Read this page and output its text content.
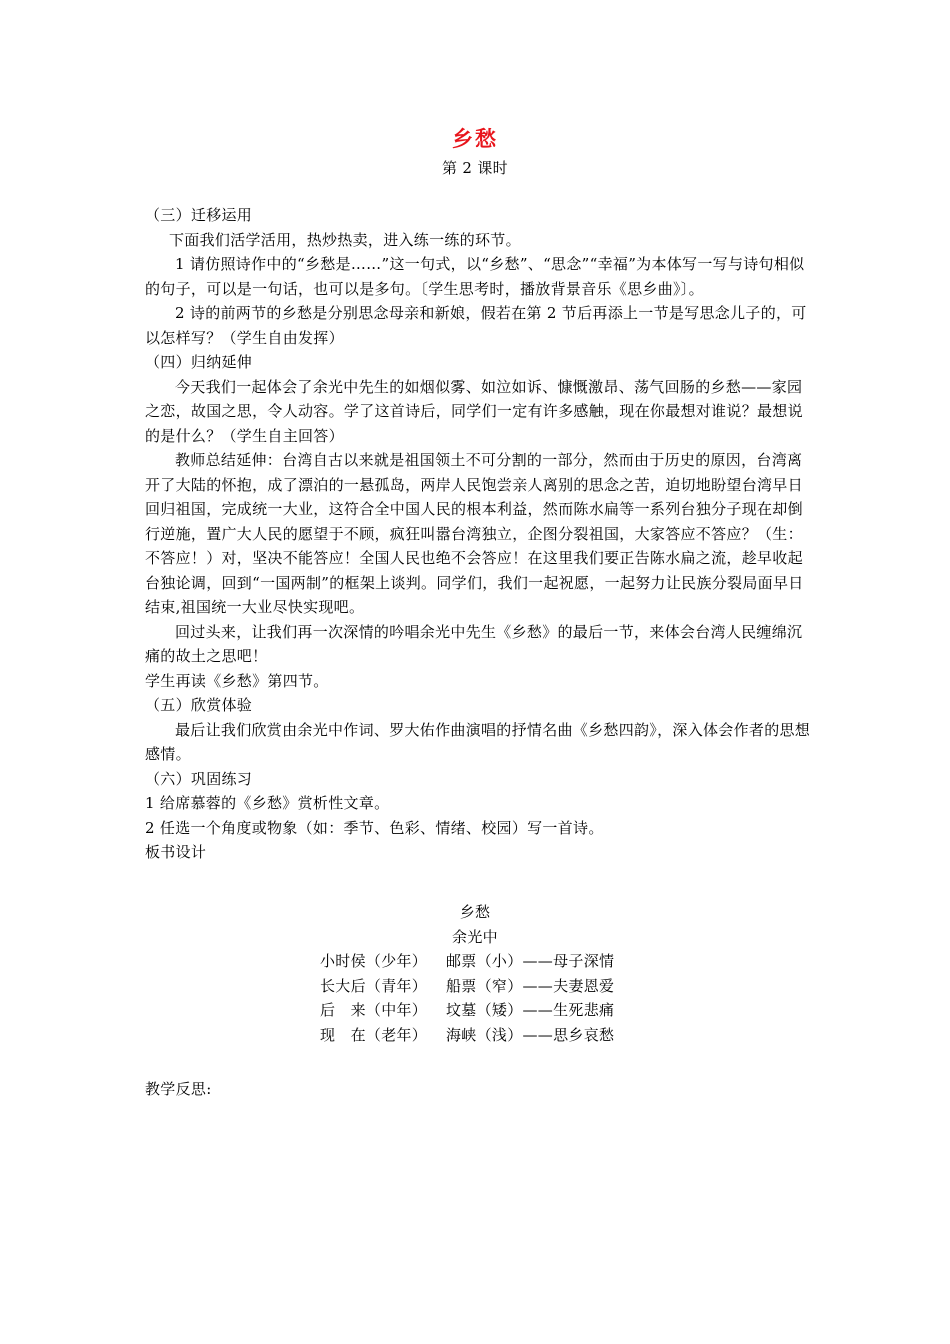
乡愁
第 2 课时

（三）迁移运用

下面我们活学活用，热炒热卖，进入练一练的环节。

1 请仿照诗作中的“乡愁是……”这一句式，以“乡愁”、“思念”“幸福”为本体写一写与诗句相似的句子，可以是一句话，也可以是多句。〔学生思考时，播放背景音乐《思乡曲》〕。

2 诗的前两节的乡愁是分别思念母亲和新娘，假若在第 2 节后再添上一节是写思念儿子的，可以怎样写？（学生自由发挥）

（四）归纳延伸

今天我们一起体会了余光中先生的如烟似雾、如泣如诉、慷慨激昂、荡气回肠的乡愁——家园之恋，故国之思，令人动容。学了这首诗后，同学们一定有许多感触，现在你最想对谁说？最想说的是什么？（学生自主回答）

教师总结延伸：台湾自古以来就是祖国领土不可分割的一部分，然而由于历史的原因，台湾离开了大陆的怀抱，成了漂泊的一悬孤岛，两岸人民饱尝亲人离别的思念之苦，迫切地盼望台湾早日回归祖国，完成统一大业，这符合全中国人民的根本利益，然而陈水扁等一系列台独分子现在却倒行逆施，置广大人民的愿望于不顾，疯狂叫嚣台湾独立，企图分裂祖国，大家答应不答应？（生：不答应！）对，坚决不能答应！全国人民也绝不会答应！在这里我们要正告陈水扁之流，趁早收起台独论调，回到“一国两制”的框架上谈判。同学们，我们一起祝愿，一起努力让民族分裂局面早日结束,祖国统一大业尽快实现吧。

回过头来，让我们再一次深情的吟唱余光中先生《乡愁》的最后一节，来体会台湾人民缠绵沉痛的故土之思吧！

学生再读《乡愁》第四节。

（五）欣赏体验

最后让我们欣赏由余光中作词、罗大佑作曲演唱的抒情名曲《乡愁四韵》，深入体会作者的思想感情。

（六）巩固练习

1 给席慕蓉的《乡愁》赏析性文章。

2 任选一个角度或物象（如：季节、色彩、情绪、校园）写一首诗。

板书设计

乡愁
余光中
小时侯（少年） 邮票（小）——母子深情
长大后（青年） 船票（窄）——夫妻恩爱
后　来（中年） 坟墓（矮）——生死悲痛
现　在（老年） 海峡（浅）——思乡哀愁
教学反思:
